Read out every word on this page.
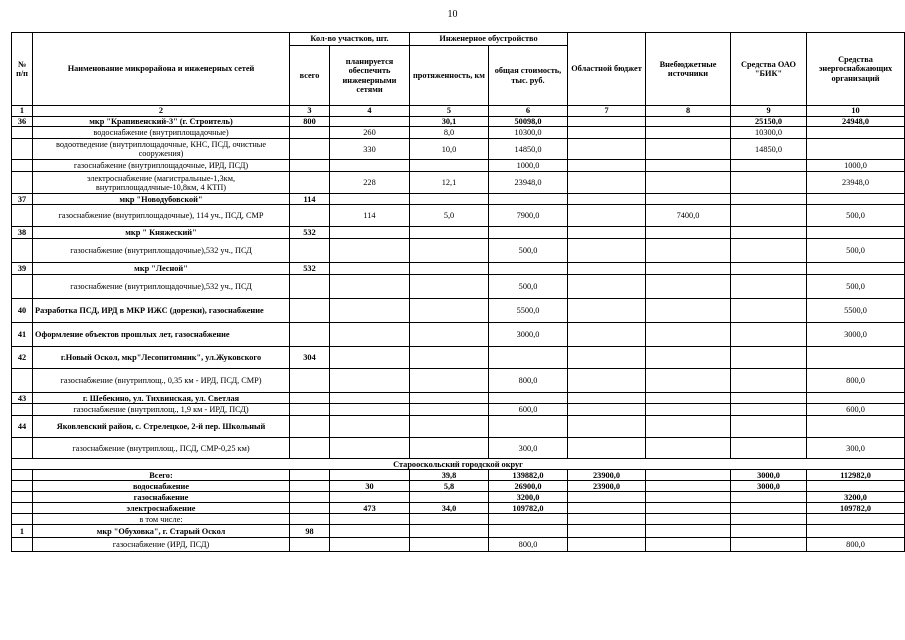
10
№ п/п	Наименование микрорайона и инженерных сетей	Кол-во участков, шт.		Инженерное обустройство		Областной бюджет	Внебюджетные источники	Средства ОАО "БИК"	Средства энергоснабжающих организаций
		всего	планируется обеспечить инженерными сетями	протяженность, км	общая стоимость, тыс. руб.				
1	2	3	4	5	6	7	8	9	10
36	мкр "Крапивенский-3" (г. Строитель)	800		30,1	50098,0			25150,0	24948,0
	водоснабжение (внутриплощадочные)		260	8,0	10300,0			10300,0	
	водоотведение (внутриплощадочные, КНС, ПСД, очистные сооружения)		330	10,0	14850,0			14850,0	
	газоснабжение (внутриплощадочные, ИРД, ПСД)				1000,0				1000,0
	электроснабжение (магистральные-1,3км, внутриплощадлчные-10,8км, 4 КТП)		228	12,1	23948,0				23948,0
37	мкр "Новодубовской"	114							
	газоснабжение (внутриплощадочные), 114 уч., ПСД, СМР		114	5,0	7900,0		7400,0		500,0
38	мкр " Княжеский"	532							
	газоснабжение (внутриплощадочные),532 уч., ПСД				500,0				500,0
39	мкр "Лесной"	532							
	газоснабжение (внутриплощадочные),532 уч., ПСД				500,0				500,0
40	Разработка ПСД, ИРД в МКР ИЖС (дорезки), газоснабжение				5500,0				5500,0
41	Оформление объектов прошлых лет, газоснабжение				3000,0				3000,0
42	г.Новый Оскол, мкр"Лесопитомник", ул.Жуковского	304							
	газоснабжение (внутриплощ., 0,35 км - ИРД, ПСД, СМР)				800,0				800,0
43	г. Шебекино, ул. Тихвинская, ул. Светлая								
	газоснабжение (внутриплощ., 1,9 км - ИРД, ПСД)				600,0				600,0
44	Яковлевский район, с. Стрелецкое, 2-й пер. Школьный								
	газоснабжение (внутриплощ., ПСД, СМР-0,25 км)				300,0				300,0
Старооскольский городской округ									
	Всего:			39,8	139882,0	23900,0		3000,0	112982,0
	водоснабжение		30	5,8	26900,0	23900,0		3000,0	
	газоснабжение				3200,0				3200,0
	электроснабжение		473	34,0	109782,0				109782,0
	в том числе:								
1	мкр "Обуховка", г. Старый Оскол	98							
	газоснабжение (ИРД, ПСД)				800,0				800,0
